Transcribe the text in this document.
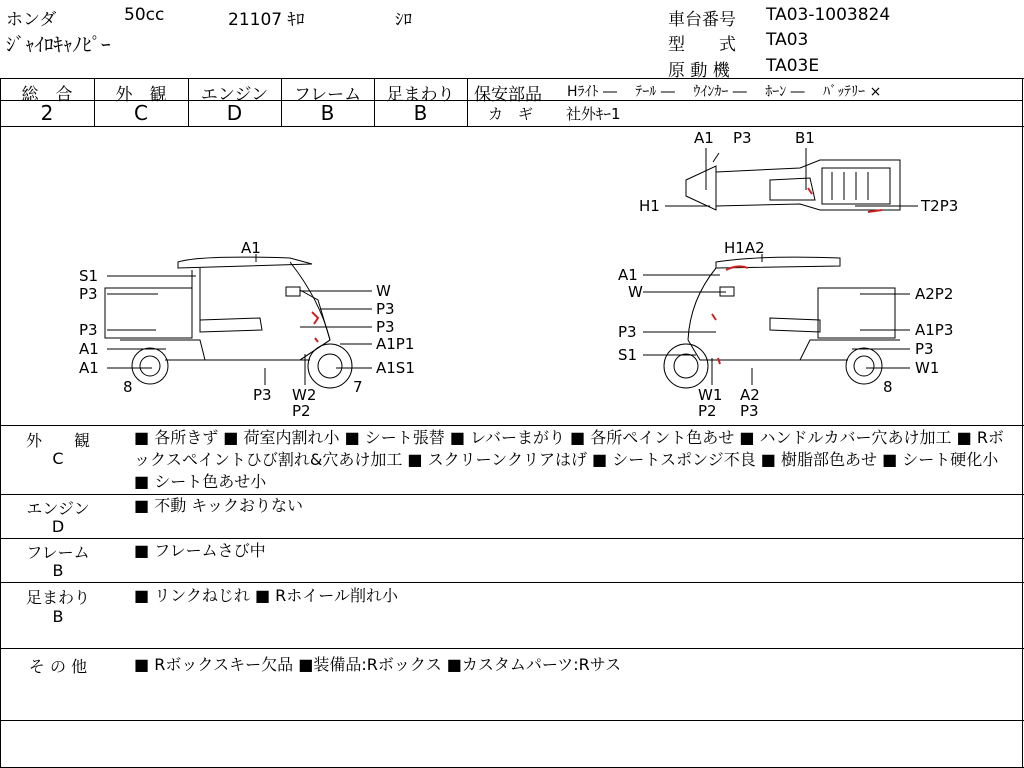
ホンダ	50cc	21107 ｷﾛ	ｼﾛ
ｼﾞｬｲﾛｷｬﾉﾋﾟｰ
車台番号 TA03-1003824
型　　式 TA03
原 動 機 TA03E
総　合
2
外　観
C
エンジン
D
フレーム
B
足まわり
B
保安部品 Hﾗｲﾄ ―　 ﾃｰﾙ ―　 ｳｲﾝｶｰ ―　 ﾎｰﾝ ―　 ﾊﾞｯﾃﾘｰ ×
カ　ギ 社外ｷｰ1
A1
S1
P3	W
P3
P3
P3
A1P1
A1
A1	A1S1
8	P3 W2
P2
7
A1 P3	B1
H1	T2P3
H1A2
A1
W	A2P2
P3	A1P3
S1	P3
W1
8
W1
P2
A2
P3
外　　観
C
■ 各所きず ■ 荷室内割れ小 ■ シート張替 ■ レバーまがり ■ 各所ペイント色あせ ■ ハンドルカバー穴あけ加工 ■ Rボックスペイントひび割れ&穴あけ加工 ■ スクリーンクリアはげ ■ シートスポンジ不良 ■ 樹脂部色あせ ■ シート硬化小 ■ シート色あせ小
エンジン
D
■ 不動 キックおりない
フレーム
B
■ フレームさび中
足まわり
B
■ リンクねじれ ■ Rホイール削れ小
そ の 他	■ Rボックスキー欠品 ■装備品:Rボックス ■カスタムパーツ:Rサス
